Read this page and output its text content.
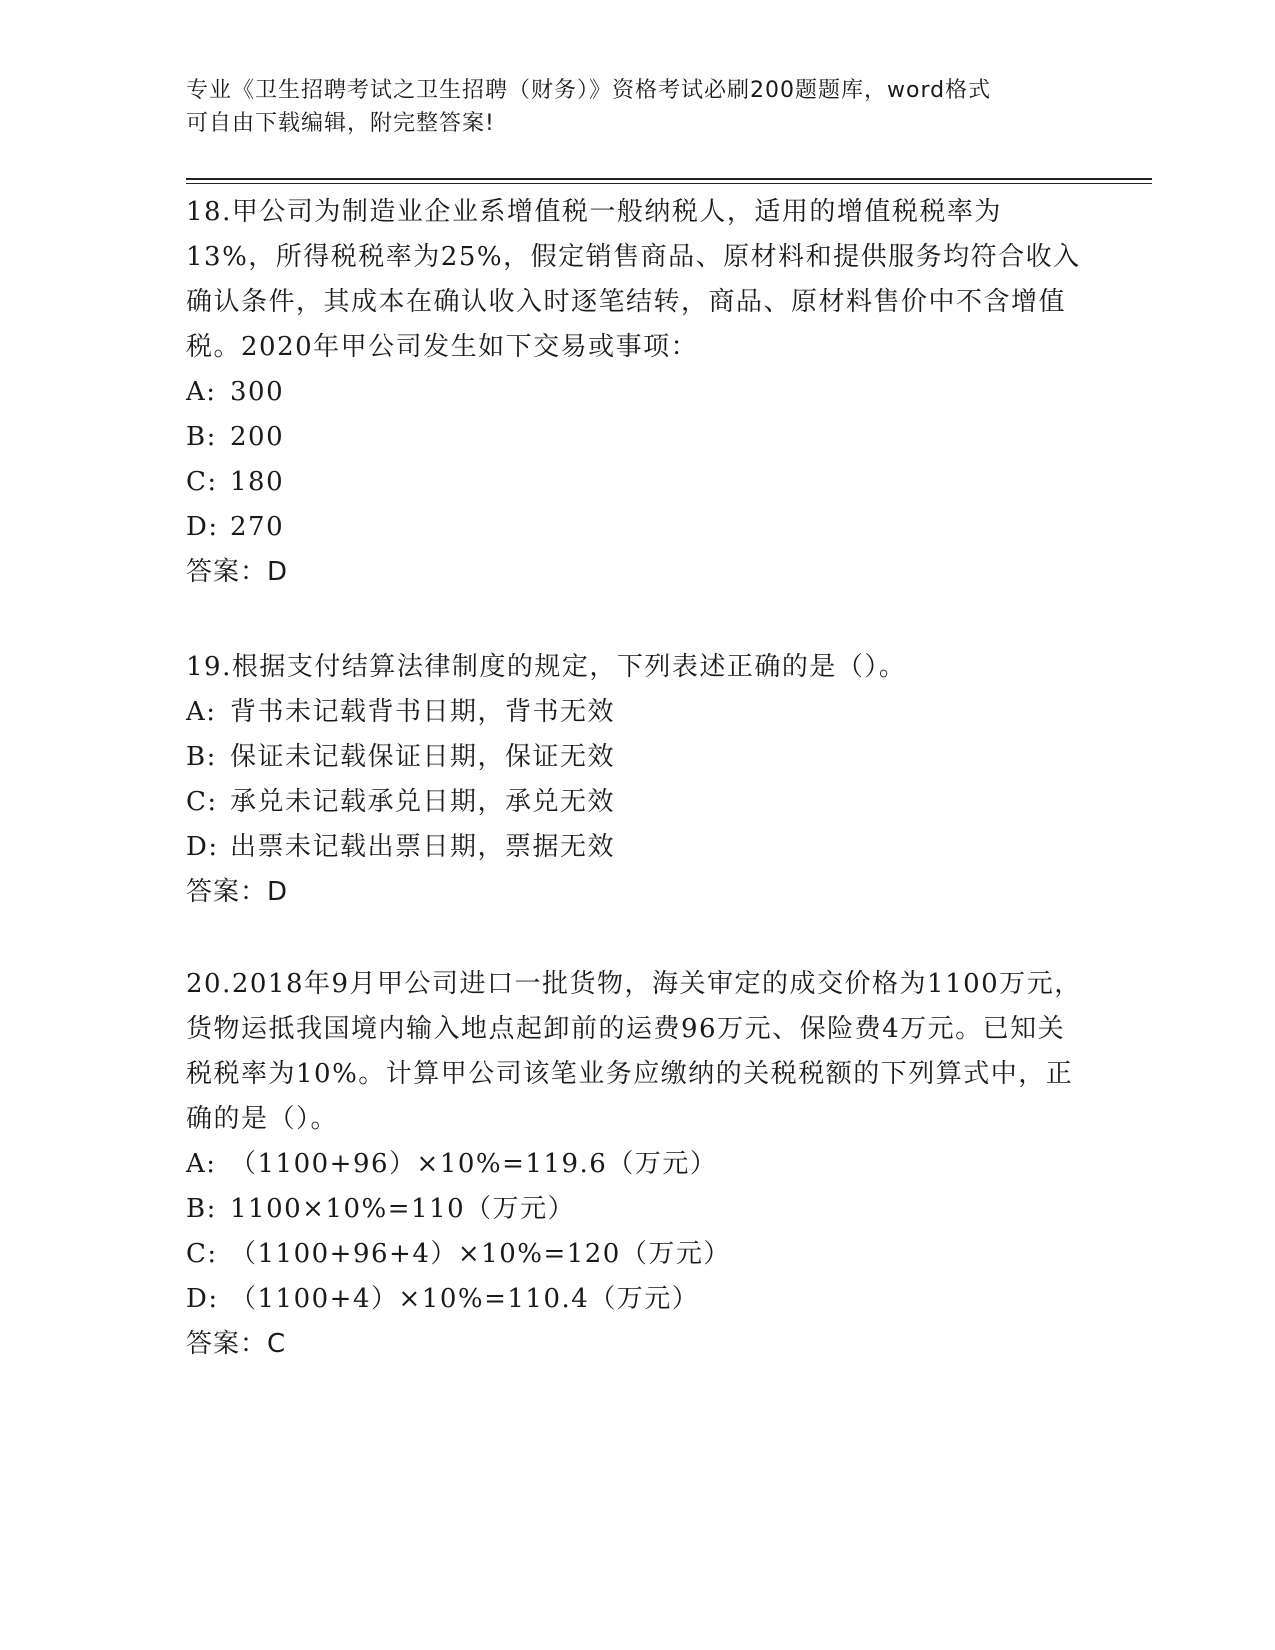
专业《卫生招聘考试之卫生招聘（财务）》资格考试必刷200题题库，word格式
可自由下载编辑，附完整答案!

18.甲公司为制造业企业系增值税一般纳税人，适用的增值税税率为13%，所得税税率为25%，假定销售商品、原材料和提供服务均符合收入确认条件，其成本在确认收入时逐笔结转，商品、原材料售价中不含增值税。2020年甲公司发生如下交易或事项：

A: 300

B: 200

C: 180

D: 270

答案：D

19.根据支付结算法律制度的规定，下列表述正确的是（）。

A: 背书未记载背书日期，背书无效

B: 保证未记载保证日期，保证无效

C: 承兑未记载承兑日期，承兑无效

D: 出票未记载出票日期，票据无效

答案：D

20.2018年9月甲公司进口一批货物，海关审定的成交价格为1100万元，货物运抵我国境内输入地点起卸前的运费96万元、保险费4万元。已知关税税率为10%。计算甲公司该笔业务应缴纳的关税税额的下列算式中，正确的是（）。

A: （1100+96）×10%=119.6（万元）

B: 1100×10%=110（万元）

C: （1100+96+4）×10%=120（万元）

D: （1100+4）×10%=110.4（万元）

答案：C
